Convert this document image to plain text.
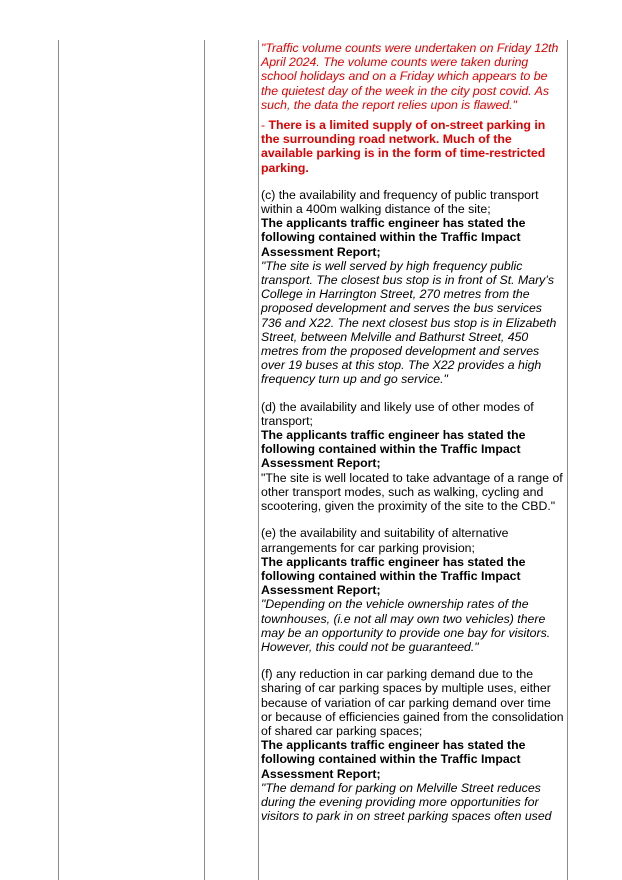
"Traffic volume counts were undertaken on Friday 12th April 2024. The volume counts were taken during school holidays and on a Friday which appears to be the quietest day of the week in the city post covid. As such, the data the report relies upon is flawed."

- There is a limited supply of on-street parking in the surrounding road network. Much of the available parking is in the form of time-restricted parking.

(c) the availability and frequency of public transport within a 400m walking distance of the site;

The applicants traffic engineer has stated the following contained within the Traffic Impact Assessment Report;

"The site is well served by high frequency public transport. The closest bus stop is in front of St. Mary’s College in Harrington Street, 270 metres from the proposed development and serves the bus services 736 and X22. The next closest bus stop is in Elizabeth Street, between Melville and Bathurst Street, 450 metres from the proposed development and serves over 19 buses at this stop. The X22 provides a high frequency turn up and go service."

(d) the availability and likely use of other modes of transport;

The applicants traffic engineer has stated the following contained within the Traffic Impact Assessment Report;

"The site is well located to take advantage of a range of other transport modes, such as walking, cycling and scootering, given the proximity of the site to the CBD."

(e) the availability and suitability of alternative arrangements for car parking provision;

The applicants traffic engineer has stated the following contained within the Traffic Impact Assessment Report;

"Depending on the vehicle ownership rates of the townhouses, (i.e not all may own two vehicles) there may be an opportunity to provide one bay for visitors. However, this could not be guaranteed."

(f) any reduction in car parking demand due to the sharing of car parking spaces by multiple uses, either because of variation of car parking demand over time or because of efficiencies gained from the consolidation of shared car parking spaces;

The applicants traffic engineer has stated the following contained within the Traffic Impact Assessment Report;

"The demand for parking on Melville Street reduces during the evening providing more opportunities for visitors to park in on street parking spaces often used
